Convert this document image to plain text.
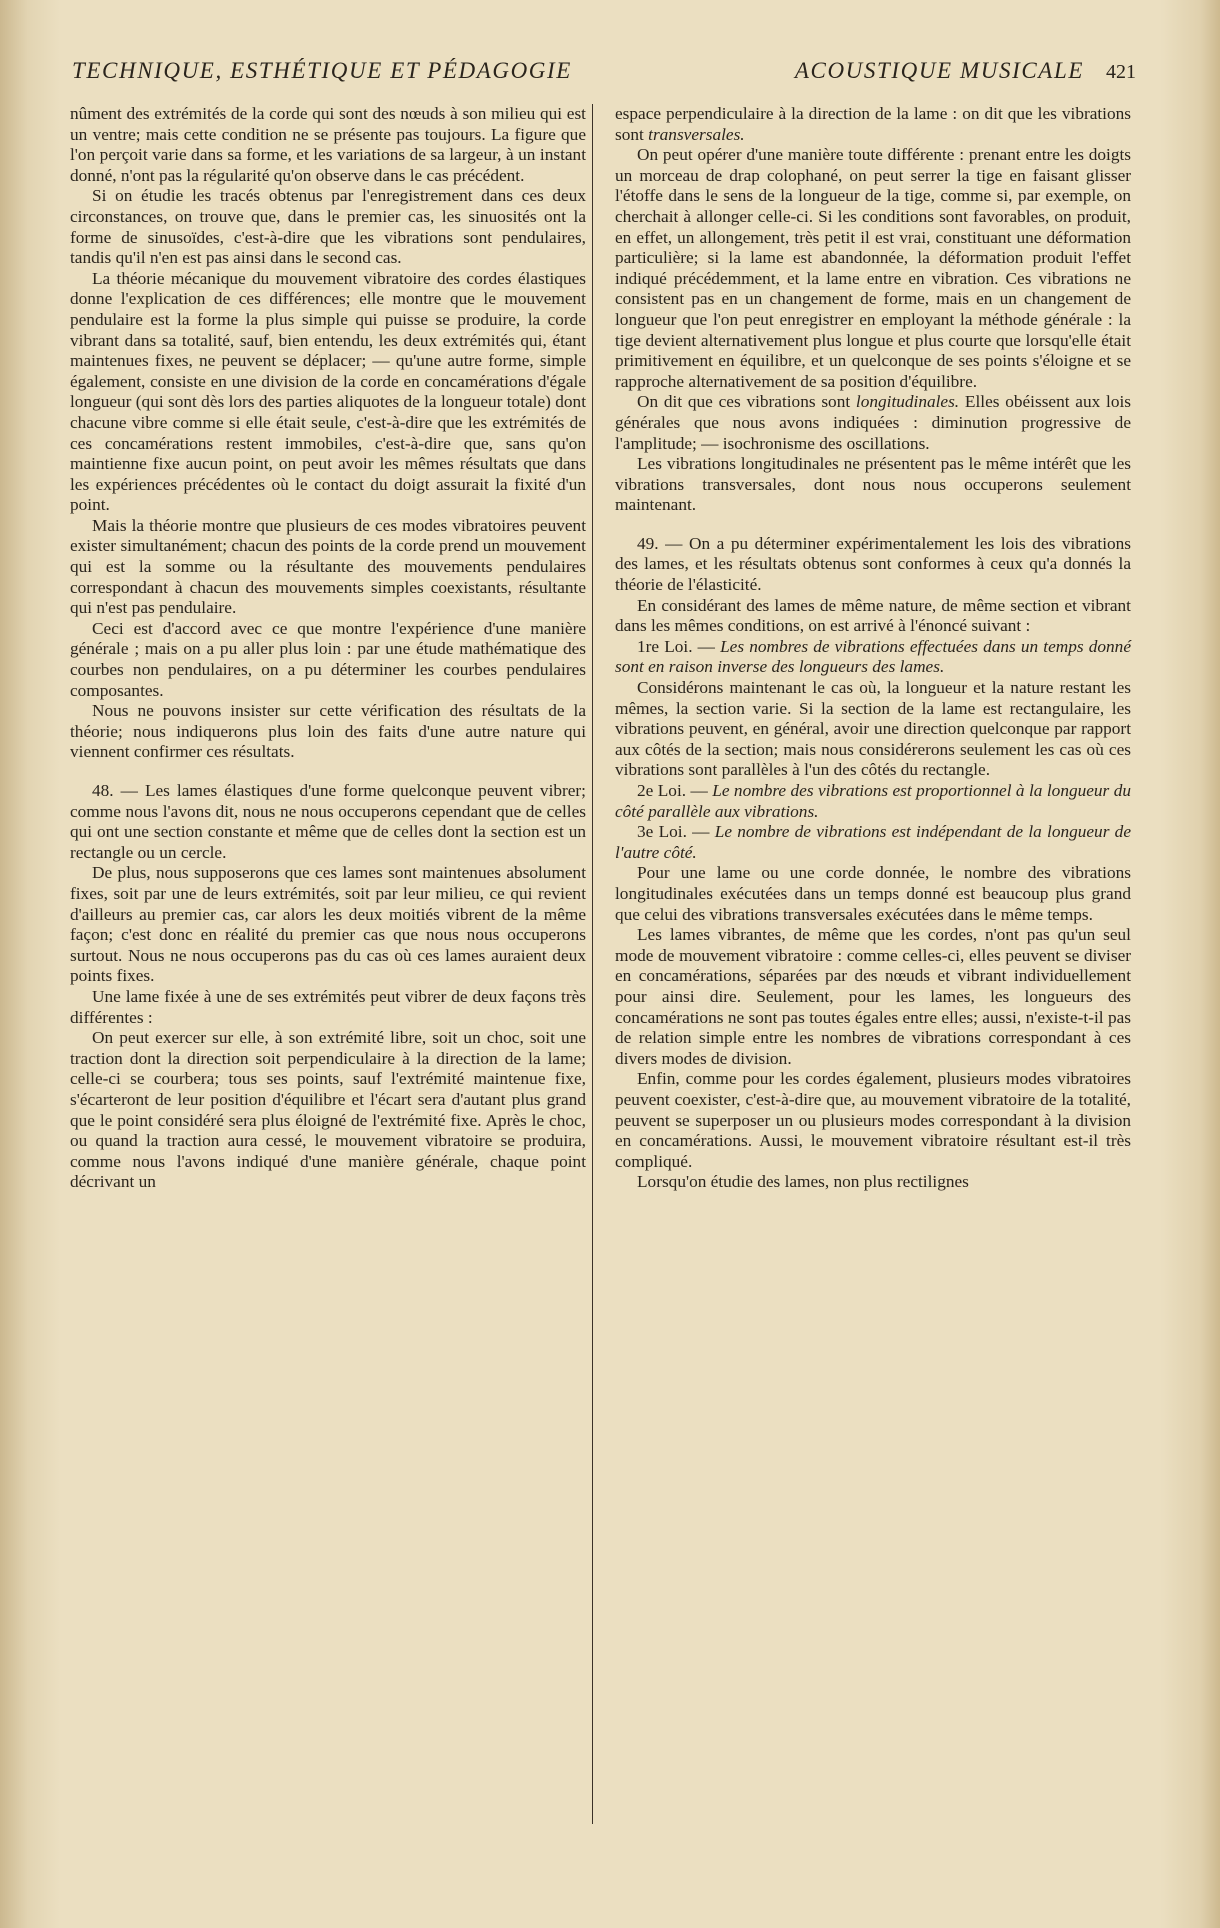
TECHNIQUE, ESTHÉTIQUE ET PÉDAGOGIE	ACOUSTIQUE MUSICALE 421

nûment des extrémités de la corde qui sont des nœuds à son milieu qui est un ventre; mais cette condition ne se présente pas toujours. La figure que l'on perçoit varie dans sa forme, et les variations de sa largeur, à un instant donné, n'ont pas la régularité qu'on observe dans le cas précédent.

Si on étudie les tracés obtenus par l'enregistrement dans ces deux circonstances, on trouve que, dans le premier cas, les sinuosités ont la forme de sinusoïdes, c'est-à-dire que les vibrations sont pendulaires, tandis qu'il n'en est pas ainsi dans le second cas.

La théorie mécanique du mouvement vibratoire des cordes élastiques donne l'explication de ces différences; elle montre que le mouvement pendulaire est la forme la plus simple qui puisse se produire, la corde vibrant dans sa totalité, sauf, bien entendu, les deux extrémités qui, étant maintenues fixes, ne peuvent se déplacer; — qu'une autre forme, simple également, consiste en une division de la corde en concamérations d'égale longueur (qui sont dès lors des parties aliquotes de la longueur totale) dont chacune vibre comme si elle était seule, c'est-à-dire que les extrémités de ces concamérations restent immobiles, c'est-à-dire que, sans qu'on maintienne fixe aucun point, on peut avoir les mêmes résultats que dans les expériences précédentes où le contact du doigt assurait la fixité d'un point.

Mais la théorie montre que plusieurs de ces modes vibratoires peuvent exister simultanément; chacun des points de la corde prend un mouvement qui est la somme ou la résultante des mouvements pendulaires correspondant à chacun des mouvements simples coexistants, résultante qui n'est pas pendulaire.

Ceci est d'accord avec ce que montre l'expérience d'une manière générale ; mais on a pu aller plus loin : par une étude mathématique des courbes non pendulaires, on a pu déterminer les courbes pendulaires composantes.

Nous ne pouvons insister sur cette vérification des résultats de la théorie; nous indiquerons plus loin des faits d'une autre nature qui viennent confirmer ces résultats.

48. — Les lames élastiques d'une forme quelconque peuvent vibrer; comme nous l'avons dit, nous ne nous occuperons cependant que de celles qui ont une section constante et même que de celles dont la section est un rectangle ou un cercle.

De plus, nous supposerons que ces lames sont maintenues absolument fixes, soit par une de leurs extrémités, soit par leur milieu, ce qui revient d'ailleurs au premier cas, car alors les deux moitiés vibrent de la même façon; c'est donc en réalité du premier cas que nous nous occuperons surtout. Nous ne nous occuperons pas du cas où ces lames auraient deux points fixes.

Une lame fixée à une de ses extrémités peut vibrer de deux façons très différentes :

On peut exercer sur elle, à son extrémité libre, soit un choc, soit une traction dont la direction soit perpendiculaire à la direction de la lame; celle-ci se courbera; tous ses points, sauf l'extrémité maintenue fixe, s'écarteront de leur position d'équilibre et l'écart sera d'autant plus grand que le point considéré sera plus éloigné de l'extrémité fixe. Après le choc, ou quand la traction aura cessé, le mouvement vibratoire se produira, comme nous l'avons indiqué d'une manière générale, chaque point décrivant un

espace perpendiculaire à la direction de la lame : on dit que les vibrations sont transversales.

On peut opérer d'une manière toute différente : prenant entre les doigts un morceau de drap colophané, on peut serrer la tige en faisant glisser l'étoffe dans le sens de la longueur de la tige, comme si, par exemple, on cherchait à allonger celle-ci. Si les conditions sont favorables, on produit, en effet, un allongement, très petit il est vrai, constituant une déformation particulière; si la lame est abandonnée, la déformation produit l'effet indiqué précédemment, et la lame entre en vibration. Ces vibrations ne consistent pas en un changement de forme, mais en un changement de longueur que l'on peut enregistrer en employant la méthode générale : la tige devient alternativement plus longue et plus courte que lorsqu'elle était primitivement en équilibre, et un quelconque de ses points s'éloigne et se rapproche alternativement de sa position d'équilibre.

On dit que ces vibrations sont longitudinales. Elles obéissent aux lois générales que nous avons indiquées : diminution progressive de l'amplitude; — isochronisme des oscillations.

Les vibrations longitudinales ne présentent pas le même intérêt que les vibrations transversales, dont nous nous occuperons seulement maintenant.

49. — On a pu déterminer expérimentalement les lois des vibrations des lames, et les résultats obtenus sont conformes à ceux qu'a donnés la théorie de l'élasticité.

En considérant des lames de même nature, de même section et vibrant dans les mêmes conditions, on est arrivé à l'énoncé suivant :

1re Loi. — Les nombres de vibrations effectuées dans un temps donné sont en raison inverse des longueurs des lames.

Considérons maintenant le cas où, la longueur et la nature restant les mêmes, la section varie. Si la section de la lame est rectangulaire, les vibrations peuvent, en général, avoir une direction quelconque par rapport aux côtés de la section; mais nous considérerons seulement les cas où ces vibrations sont parallèles à l'un des côtés du rectangle.

2e Loi. — Le nombre des vibrations est proportionnel à la longueur du côté parallèle aux vibrations.

3e Loi. — Le nombre de vibrations est indépendant de la longueur de l'autre côté.

Pour une lame ou une corde donnée, le nombre des vibrations longitudinales exécutées dans un temps donné est beaucoup plus grand que celui des vibrations transversales exécutées dans le même temps.

Les lames vibrantes, de même que les cordes, n'ont pas qu'un seul mode de mouvement vibratoire : comme celles-ci, elles peuvent se diviser en concamérations, séparées par des nœuds et vibrant individuellement pour ainsi dire. Seulement, pour les lames, les longueurs des concamérations ne sont pas toutes égales entre elles; aussi, n'existe-t-il pas de relation simple entre les nombres de vibrations correspondant à ces divers modes de division.

Enfin, comme pour les cordes également, plusieurs modes vibratoires peuvent coexister, c'est-à-dire que, au mouvement vibratoire de la totalité, peuvent se superposer un ou plusieurs modes correspondant à la division en concamérations. Aussi, le mouvement vibratoire résultant est-il très compliqué.

Lorsqu'on étudie des lames, non plus rectilignes
